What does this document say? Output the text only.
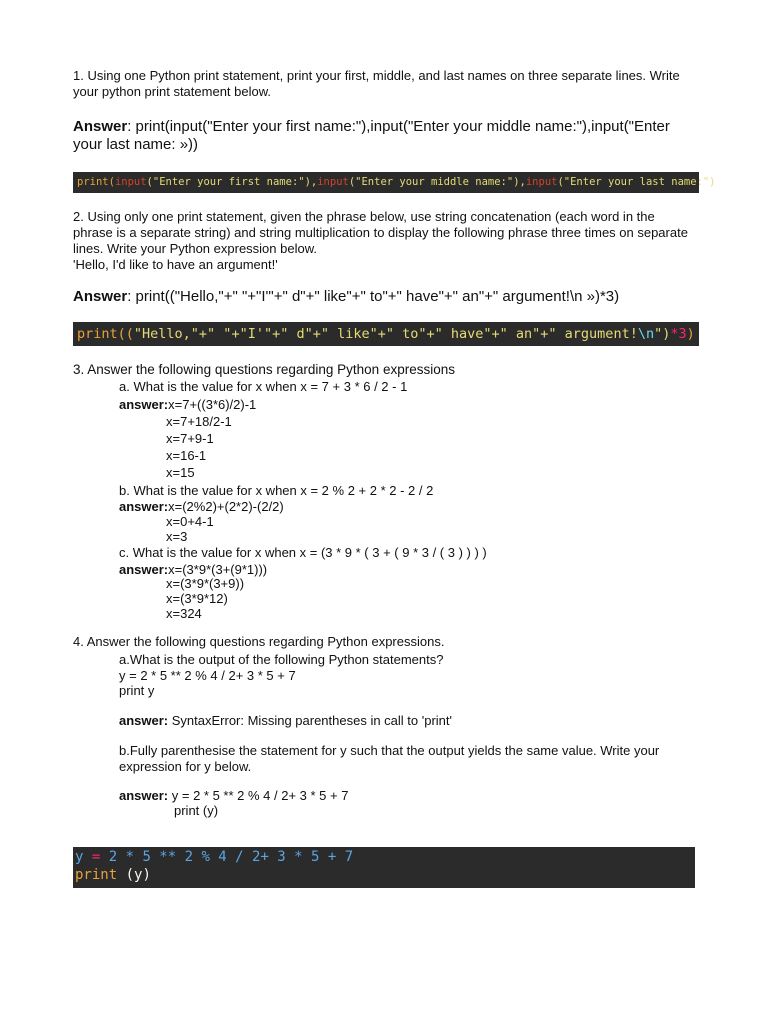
1. Using one Python print statement, print your first, middle, and last names on three separate lines. Write your python print statement below.
Answer: print(input("Enter your first name:"),input("Enter your middle name:"),input("Enter your last name: »))
print(input("Enter your first name:"),input("Enter your middle name:"),input("Enter your last name:")
2. Using only one print statement, given the phrase below, use string concatenation (each word in the phrase is a separate string) and string multiplication to display the following phrase three times on separate lines. Write your Python expression below.
'Hello, I'd like to have an argument!'
Answer: print(("Hello,"+" "+"I'"+" d"+" like"+" to"+" have"+" an"+" argument!\n »)*3)
print(("Hello,"+" "+"I'"+" d"+" like"+" to"+" have"+" an"+" argument!\n")*3)
3. Answer the following questions regarding Python expressions
a. What is the value for x when x = 7 + 3 * 6 / 2 - 1
answer:x=7+((3*6)/2)-1
x=7+18/2-1
x=7+9-1
x=16-1
x=15
b. What is the value for x when x = 2 % 2 + 2 * 2 - 2 / 2
answer:x=(2%2)+(2*2)-(2/2)
x=0+4-1
x=3
c. What is the value for x when x = (3 * 9 * ( 3 + ( 9 * 3 / ( 3 ) ) ) )
answer:x=(3*9*(3+(9*1)))
x=(3*9*(3+9))
x=(3*9*12)
x=324
4. Answer the following questions regarding Python expressions.
a.What is the output of the following Python statements?
y = 2 * 5 ** 2 % 4 / 2+ 3 * 5 + 7
print y
answer: SyntaxError: Missing parentheses in call to 'print'
b.Fully parenthesise the statement for y such that the output yields the same value. Write your expression for y below.
answer: y = 2 * 5 ** 2 % 4 / 2+ 3 * 5 + 7
print (y)
y = 2 * 5 ** 2 % 4 / 2+ 3 * 5 + 7
print (y)
